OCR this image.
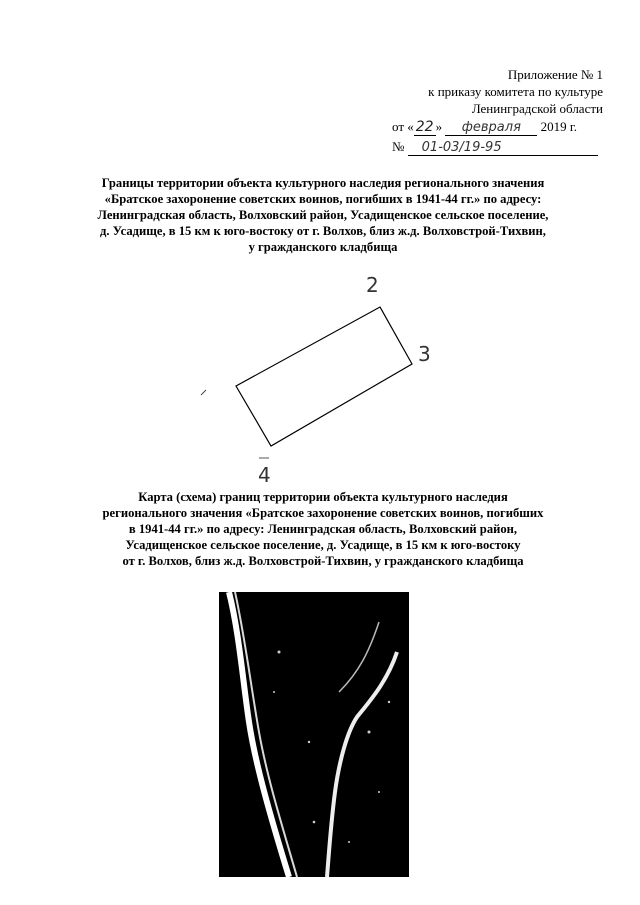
Приложение № 1
к приказу комитета по культуре
Ленинградской области
от « 22 » февраля 2019 г.
№ 01-03/19-95
Границы территории объекта культурного наследия регионального значения
«Братское захоронение советских воинов, погибших в 1941-44 гг.» по адресу:
Ленинградская область, Волховский район, Усадищенское сельское поселение,
д. Усадище, в 15 км к юго-востоку от г. Волхов, близ ж.д. Волховстрой-Тихвин,
у гражданского кладбища
2
3
4
Карта (схема) границ территории объекта культурного наследия
регионального значения «Братское захоронение советских воинов, погибших
в 1941-44 гг.» по адресу: Ленинградская область, Волховский район,
Усадищенское сельское поселение, д. Усадище, в 15 км к юго-востоку
от г. Волхов, близ ж.д. Волховстрой-Тихвин, у гражданского кладбища
